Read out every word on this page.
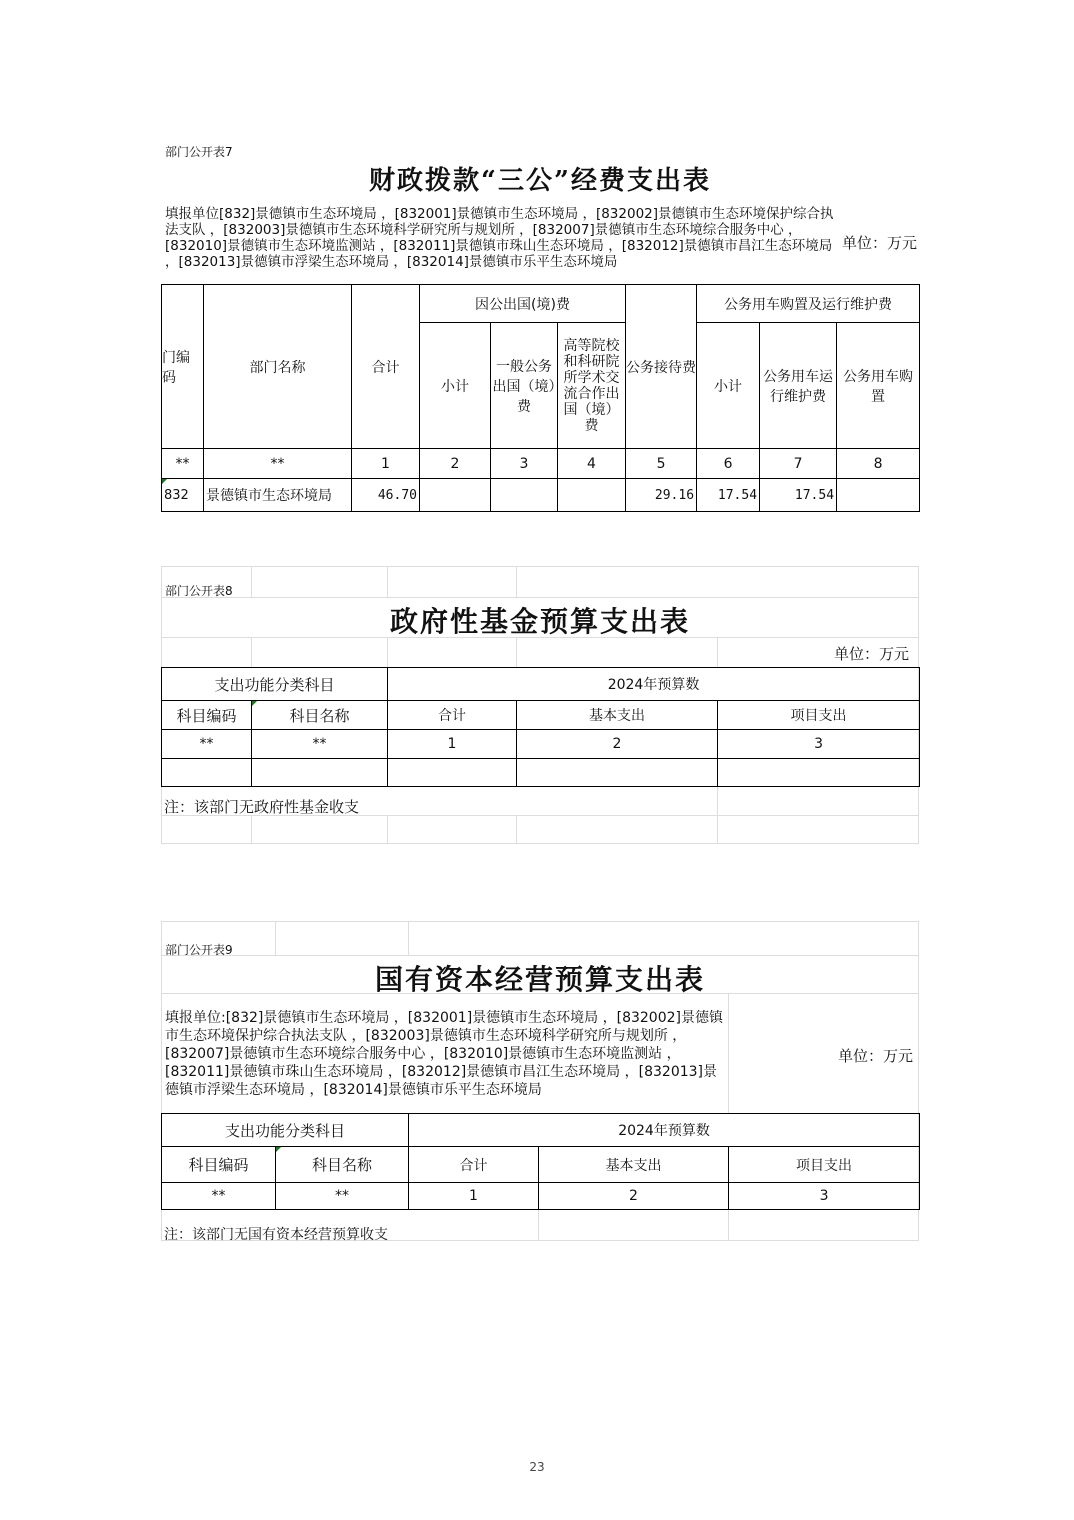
部门公开表7
财政拨款“三公”经费支出表
填报单位[832]景德镇市生态环境局 ，[832001]景德镇市生态环境局 ，[832002]景德镇市生态环境保护综合执法支队 ，[832003]景德镇市生态环境科学研究所与规划所 ，[832007]景德镇市生态环境综合服务中心 ，[832010]景德镇市生态环境监测站 ，[832011]景德镇市珠山生态环境局 ，[832012]景德镇市昌江生态环境局 ，[832013]景德镇市浮梁生态环境局 ，[832014]景德镇市乐平生态环境局
单位：万元
门编码	部门名称	合计	因公出国(境)费			公务接待费	公务用车购置及运行维护费		
			小计	一般公务出国（境）费	高等院校和科研院所学术交流合作出国（境）费		小计	公务用车运行维护费	公务用车购置
**	**	1	2	3	4	5	6	7	8
832	景德镇市生态环境局	46.70				29.16	17.54	17.54	
部门公开表8
政府性基金预算支出表
单位：万元
支出功能分类科目		2024年预算数		
科目编码	科目名称	合计	基本支出	项目支出
**	**	1	2	3

注：该部门无政府性基金收支
部门公开表9
国有资本经营预算支出表
填报单位:[832]景德镇市生态环境局 ，[832001]景德镇市生态环境局 ，[832002]景德镇市生态环境保护综合执法支队 ，[832003]景德镇市生态环境科学研究所与规划所 ，[832007]景德镇市生态环境综合服务中心 ，[832010]景德镇市生态环境监测站 ，[832011]景德镇市珠山生态环境局 ，[832012]景德镇市昌江生态环境局 ，[832013]景德镇市浮梁生态环境局 ，[832014]景德镇市乐平生态环境局
单位：万元
支出功能分类科目		2024年预算数		
科目编码	科目名称	合计	基本支出	项目支出
**	**	1	2	3
注：该部门无国有资本经营预算收支
23
